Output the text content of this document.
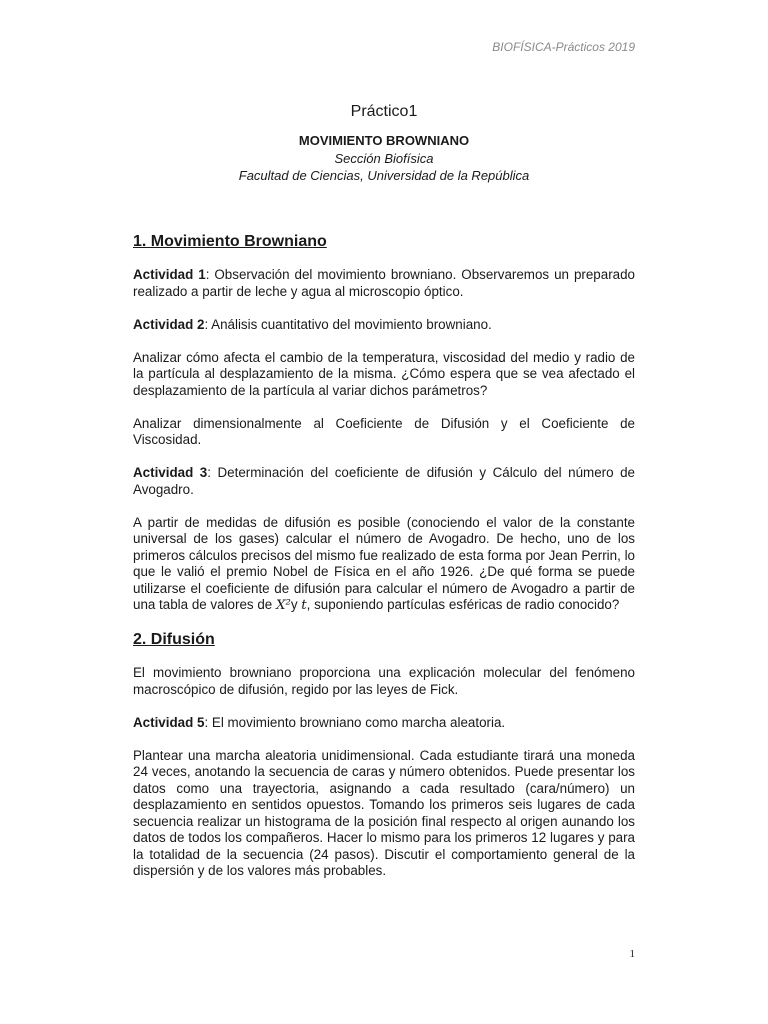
BIOFÍSICA-Prácticos 2019
Práctico1
MOVIMIENTO BROWNIANO
Sección Biofísica
Facultad de Ciencias, Universidad de la República
1. Movimiento Browniano

Actividad 1: Observación del movimiento browniano. Observaremos un preparado realizado a partir de leche y agua al microscopio óptico.

Actividad 2: Análisis cuantitativo del movimiento browniano.

Analizar cómo afecta el cambio de la temperatura, viscosidad del medio y radio de la partícula al desplazamiento de la misma. ¿Cómo espera que se vea afectado el desplazamiento de la partícula al variar dichos parámetros?

Analizar dimensionalmente al Coeficiente de Difusión y el Coeficiente de Viscosidad.

Actividad 3: Determinación del coeficiente de difusión y Cálculo del número de Avogadro.

A partir de medidas de difusión es posible (conociendo el valor de la constante universal de los gases) calcular el número de Avogadro. De hecho, uno de los primeros cálculos precisos del mismo fue realizado de esta forma por Jean Perrin, lo que le valió el premio Nobel de Física en el año 1926. ¿De qué forma se puede utilizarse el coeficiente de difusión para calcular el número de Avogadro a partir de una tabla de valores de X²y t, suponiendo partículas esféricas de radio conocido?

2. Difusión

El movimiento browniano proporciona una explicación molecular del fenómeno macroscópico de difusión, regido por las leyes de Fick.

Actividad 5: El movimiento browniano como marcha aleatoria.

Plantear una marcha aleatoria unidimensional. Cada estudiante tirará una moneda 24 veces, anotando la secuencia de caras y número obtenidos. Puede presentar los datos como una trayectoria, asignando a cada resultado (cara/número) un desplazamiento en sentidos opuestos. Tomando los primeros seis lugares de cada secuencia realizar un histograma de la posición final respecto al origen aunando los datos de todos los compañeros. Hacer lo mismo para los primeros 12 lugares y para la totalidad de la secuencia (24 pasos). Discutir el comportamiento general de la dispersión y de los valores más probables.

1
